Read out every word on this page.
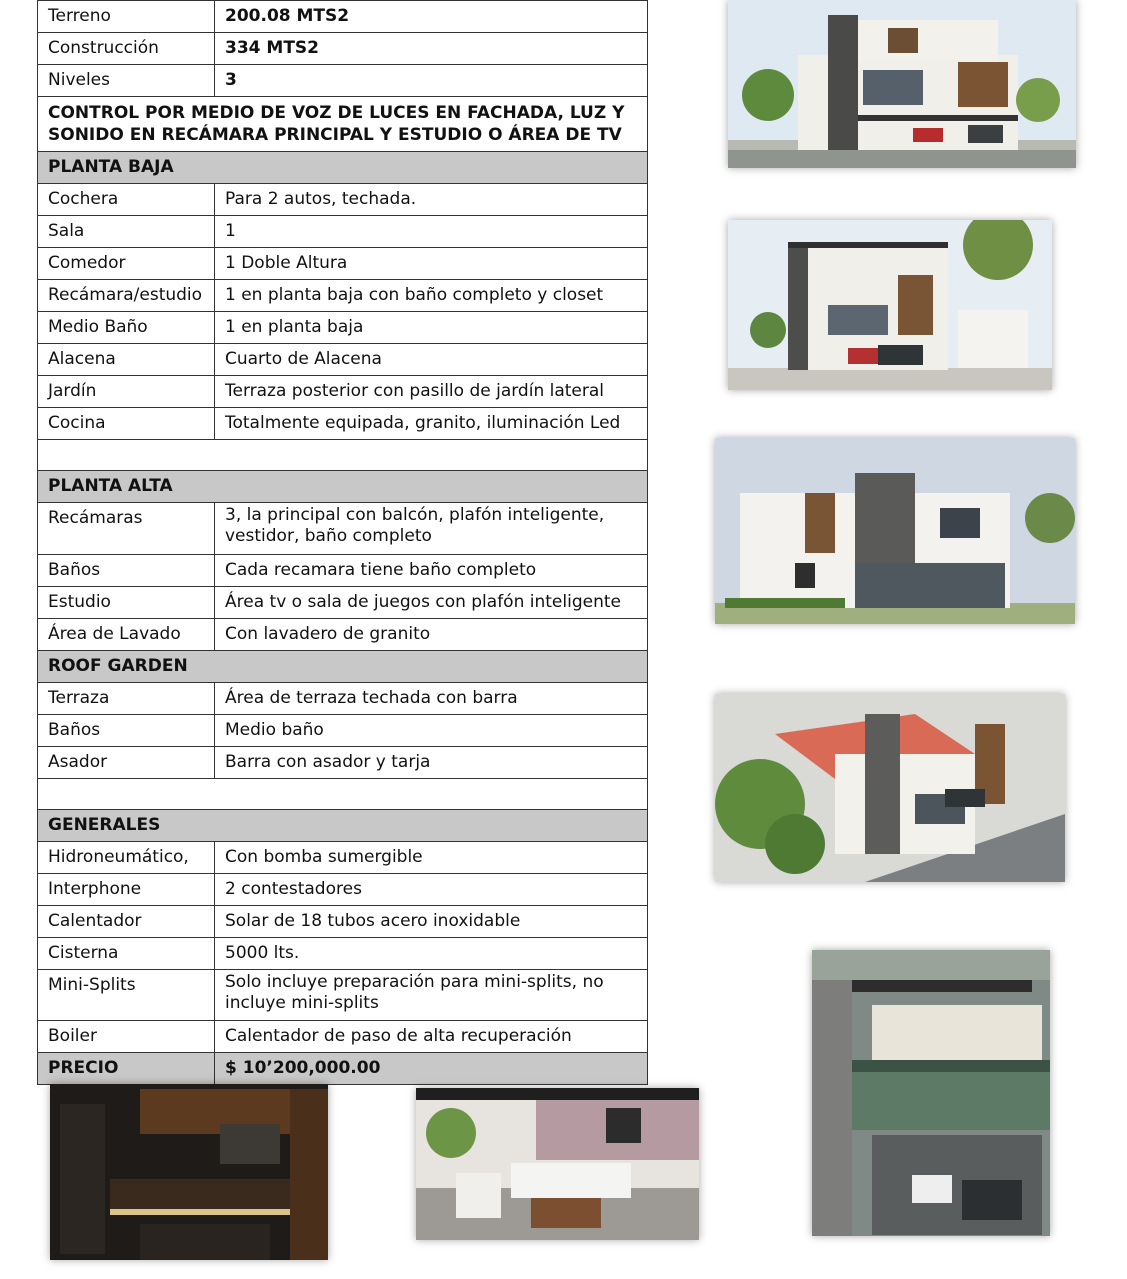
Terreno	200.08 MTS2
Construcción	334 MTS2
Niveles	3
CONTROL POR MEDIO DE VOZ DE LUCES EN FACHADA, LUZ Y SONIDO EN RECÁMARA PRINCIPAL Y ESTUDIO O ÁREA DE TV	
PLANTA BAJA	
Cochera	Para 2 autos, techada.
Sala	1
Comedor	1 Doble Altura
Recámara/estudio	1 en planta baja con baño completo y closet
Medio Baño	1 en planta baja
Alacena	Cuarto de Alacena
Jardín	Terraza posterior con pasillo de jardín lateral
Cocina	Totalmente equipada, granito, iluminación Led

PLANTA ALTA	
Recámaras	3, la principal con balcón, plafón inteligente, vestidor, baño completo
Baños	Cada recamara tiene baño completo
Estudio	Área tv o sala de juegos con plafón inteligente
Área de Lavado	Con lavadero de granito
ROOF GARDEN	
Terraza	Área de terraza techada con barra
Baños	Medio baño
Asador	Barra con asador y tarja

GENERALES	
Hidroneumático,	Con bomba sumergible
Interphone	2 contestadores
Calentador	Solar de 18 tubos acero inoxidable
Cisterna	5000 lts.
Mini-Splits	Solo incluye preparación para mini-splits, no incluye mini-splits
Boiler	Calentador de paso de alta recuperación
PRECIO	$ 10’200,000.00
